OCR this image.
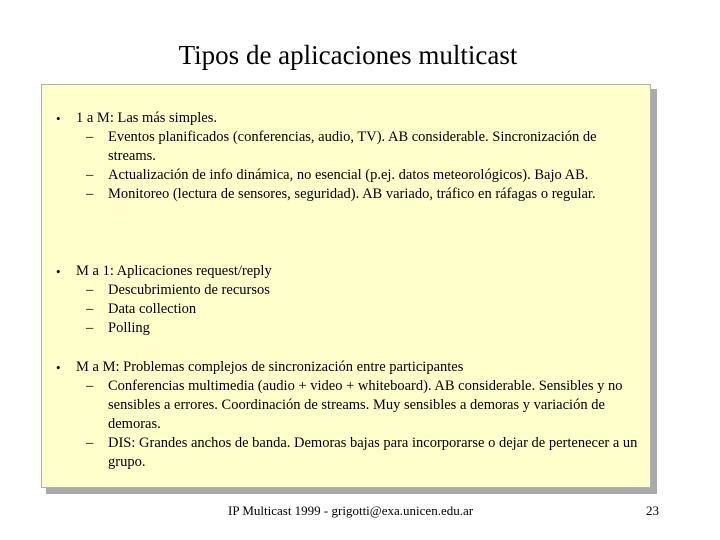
Tipos de aplicaciones multicast
• 1 a M: Las más simples.
– Eventos planificados (conferencias, audio, TV). AB considerable. Sincronización de streams.
– Actualización de info dinámica, no esencial (p.ej. datos meteorológicos). Bajo AB.
– Monitoreo (lectura de sensores, seguridad). AB variado, tráfico en ráfagas o regular.
• M a 1: Aplicaciones request/reply
– Descubrimiento de recursos
– Data collection
– Polling
• M a M: Problemas complejos de sincronización entre participantes
– Conferencias multimedia (audio + video + whiteboard). AB considerable. Sensibles y no sensibles a errores. Coordinación de streams. Muy sensibles a demoras y variación de demoras.
– DIS: Grandes anchos de banda. Demoras bajas para incorporarse o dejar de pertenecer a un grupo.
IP Multicast 1999 - grigotti@exa.unicen.edu.ar	23
